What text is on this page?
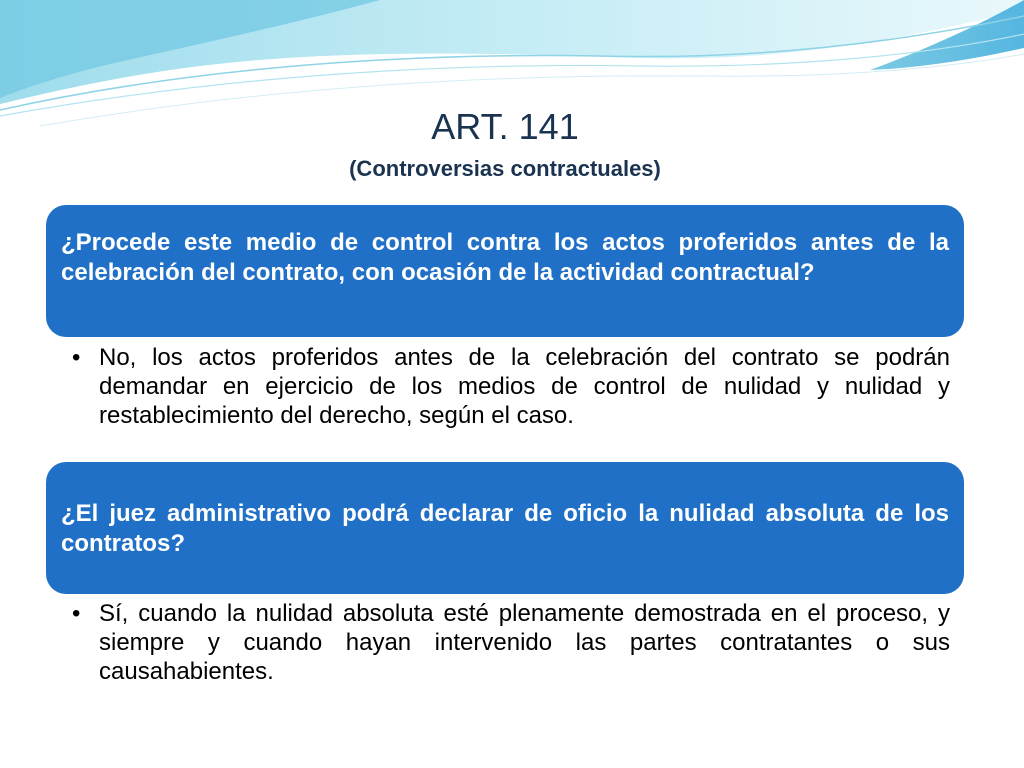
ART. 141
(Controversias contractuales)

¿Procede este medio de control contra los actos proferidos antes de la celebración del contrato, con ocasión de la actividad contractual?

• No, los actos proferidos antes de la celebración del contrato se podrán demandar en ejercicio de los medios de control de nulidad y nulidad y restablecimiento del derecho, según el caso.

¿El juez administrativo podrá declarar de oficio la nulidad absoluta de los contratos?

• Sí, cuando la nulidad absoluta esté plenamente demostrada en el proceso, y siempre y cuando hayan intervenido las partes contratantes o sus causahabientes.
